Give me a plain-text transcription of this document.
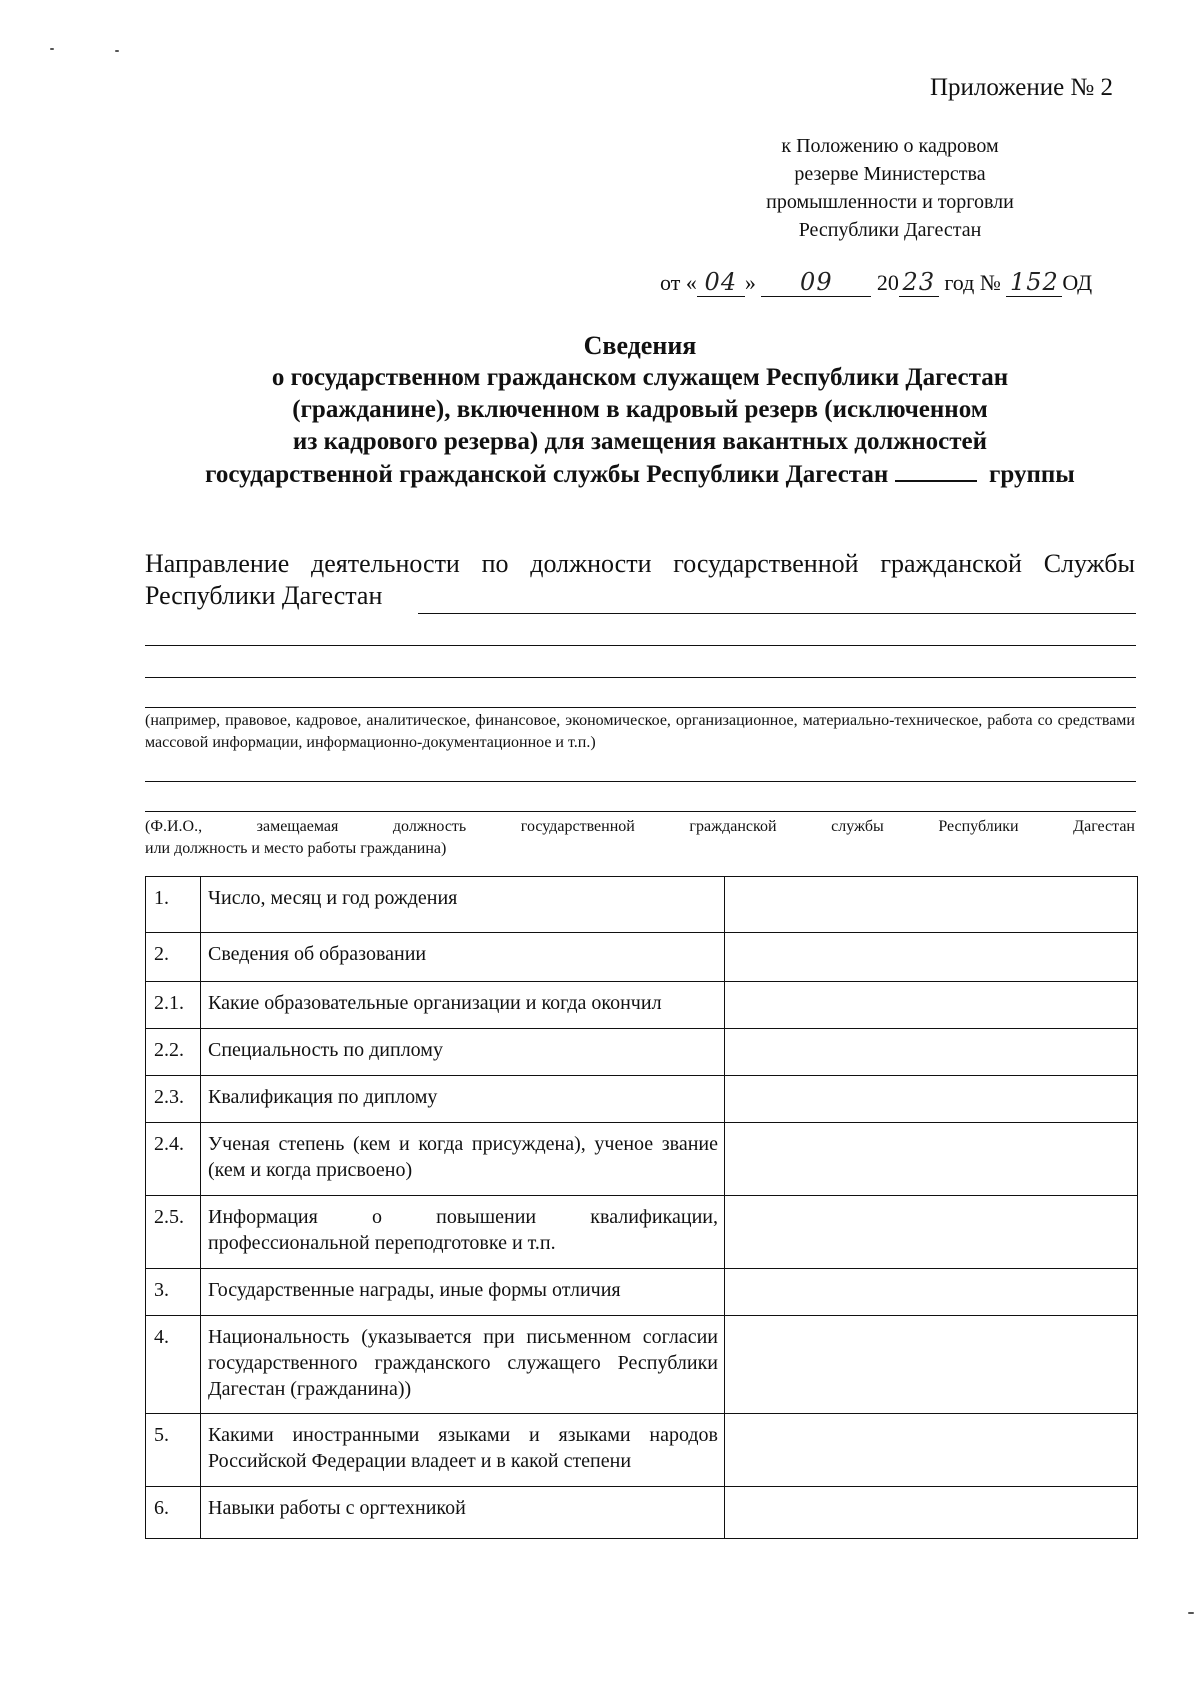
Приложение № 2
к Положению о кадровом
резерве Министерства
промышленности и торговли
Республики Дагестан
от « 04 » 09 20 23 год № 152 ОД
Сведения
о государственном гражданском служащем Республики Дагестан
(гражданине), включенном в кадровый резерв (исключенном
из кадрового резерва) для замещения вакантных должностей
государственной гражданской службы Республики Дагестан	группы
Направление деятельности по должности государственной гражданской Службы Республики Дагестан
(например, правовое, кадровое, аналитическое, финансовое, экономическое, организационное, материально-техническое, работа со средствами массовой информации, информационно-документационное и т.п.)
(Ф.И.О.,	замещаемая	должность	государственной	гражданской	службы	Республики	Дагестан
или должность и место работы гражданина)
1.	Число, месяц и год рождения	
2.	Сведения об образовании	
2.1.	Какие образовательные организации и когда окончил	
2.2.	Специальность по диплому	
2.3.	Квалификация по диплому	
2.4.	Ученая степень (кем и когда присуждена), ученое звание (кем и когда присвоено)	
2.5.	Информация о повышении квалификации, профессиональной переподготовке и т.п.	
3.	Государственные награды, иные формы отличия	
4.	Национальность (указывается при письменном согласии государственного гражданского служащего Республики Дагестан (гражданина))	
5.	Какими иностранными языками и языками народов Российской Федерации владеет и в какой степени	
6.	Навыки работы с оргтехникой	
